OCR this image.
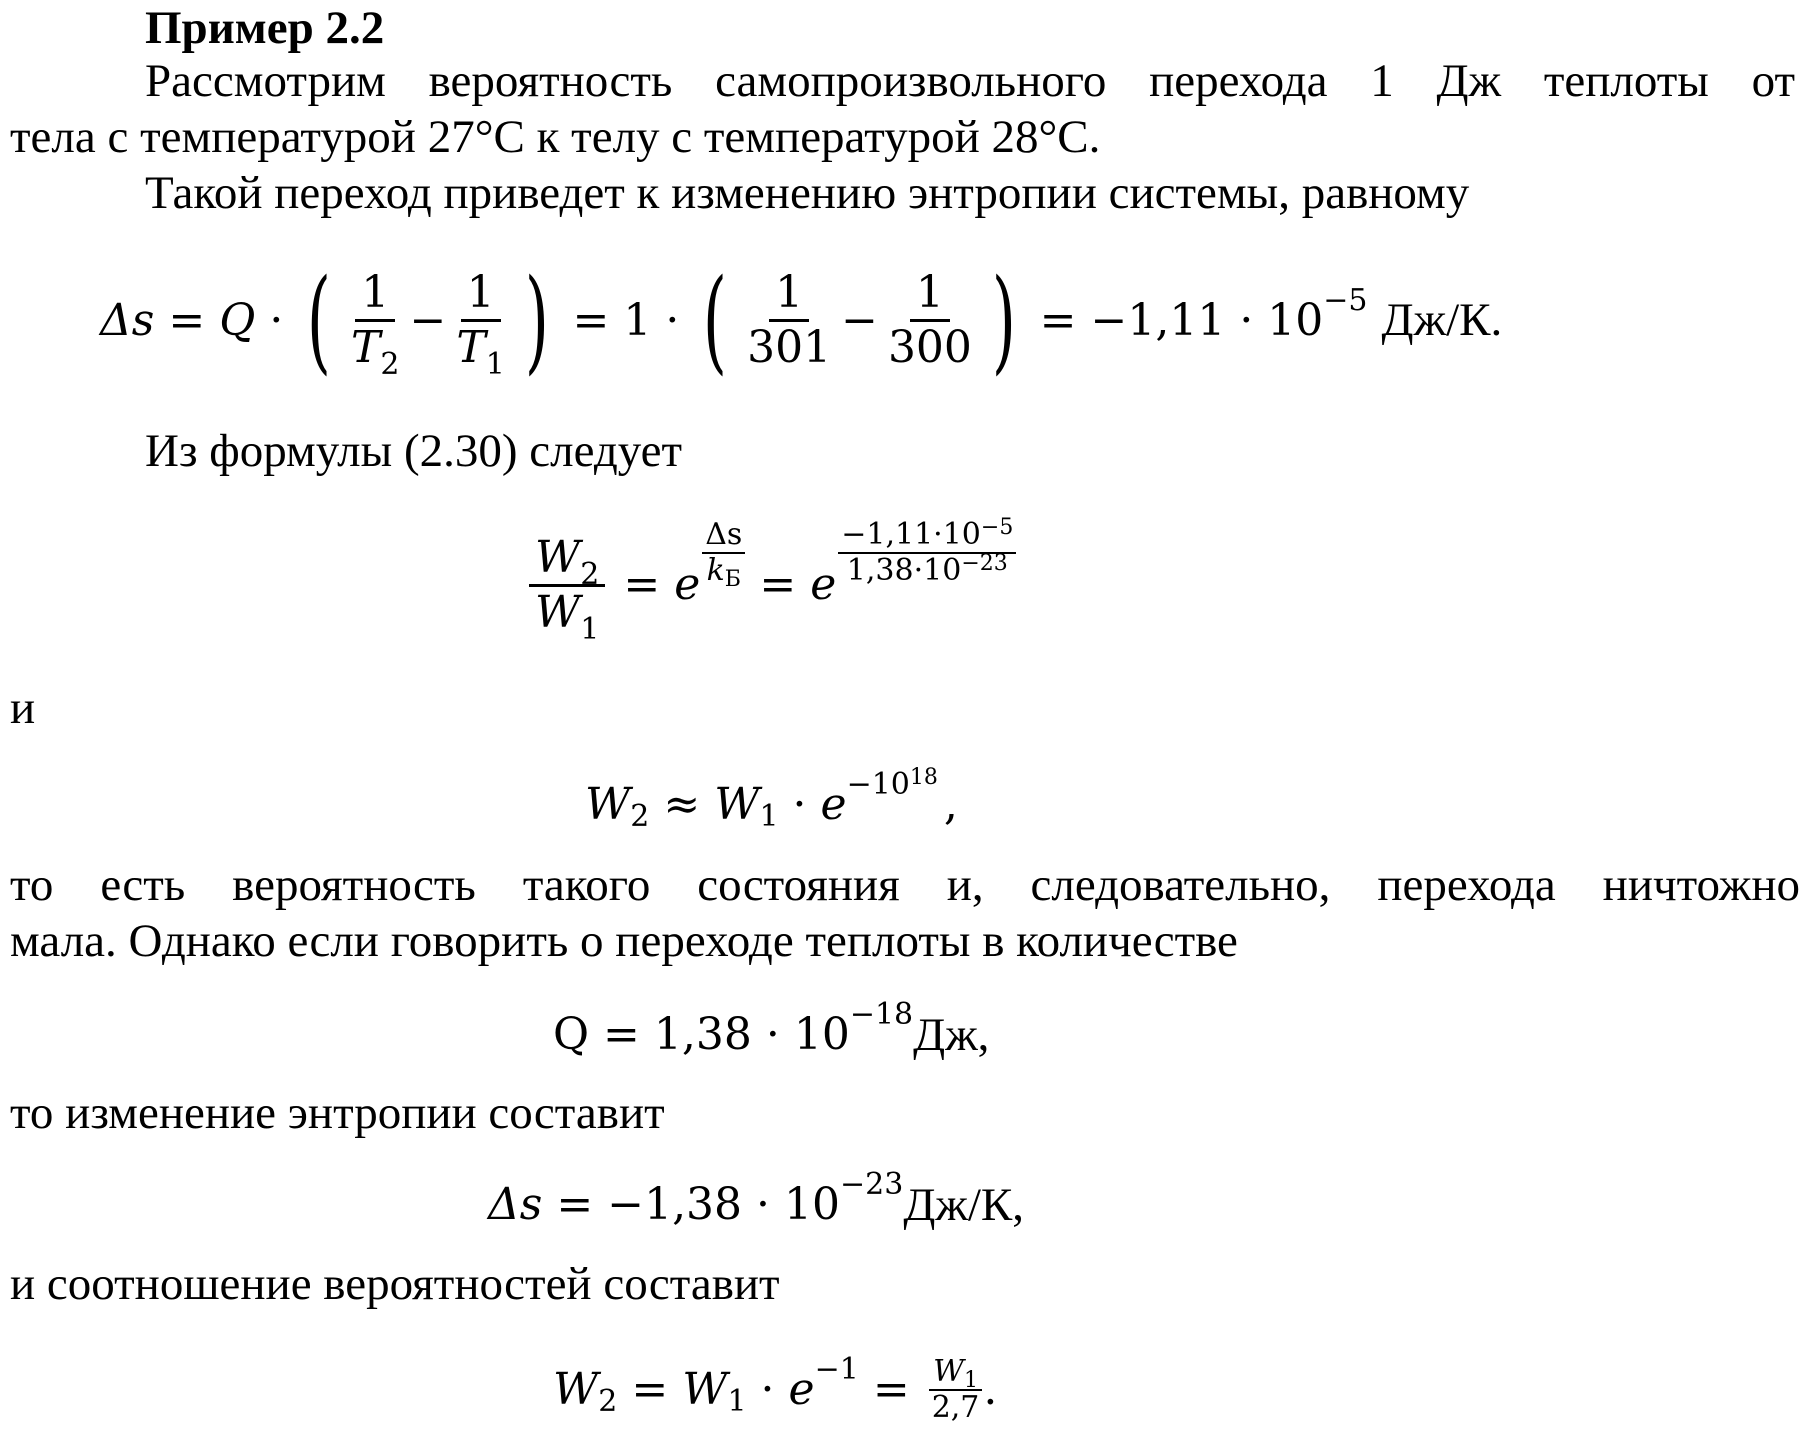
Пример 2.2
Рассмотрим вероятность самопроизвольного перехода 1 Дж теплоты от
тела с температурой 27°С к телу с температурой 28°С.
Такой переход приведет к изменению энтропии системы, равному
Δs = Q · ( $\frac{1}{T_2} - \frac{1}{T_1}$ ) = 1 · ( $\frac{1}{301} - \frac{1}{300}$ ) = −1,11 · 10 −5 Дж/К.
Из формулы (2.30) следует
$\frac{W_2}{W_1} = e$
Δs
$k_Б = e$
$-1,11\cdot 10^{-5}$
$1,38\cdot 10^{-23}$
и
W 2 ≈ W $1 \cdot e -10^{18}$
,
то есть вероятность такого состояния и, следовательно, перехода ничтожно
мала. Однако если говорить о переходе теплоты в количестве
Q = 1,38 · 10 −18 Дж,
то изменение энтропии составит
Δs = −1,38 · 10 −23 Дж/К,
и соотношение вероятностей составит
W 2 = W $1 \cdot e -1 = \frac{W_1}{2,7}$ .
